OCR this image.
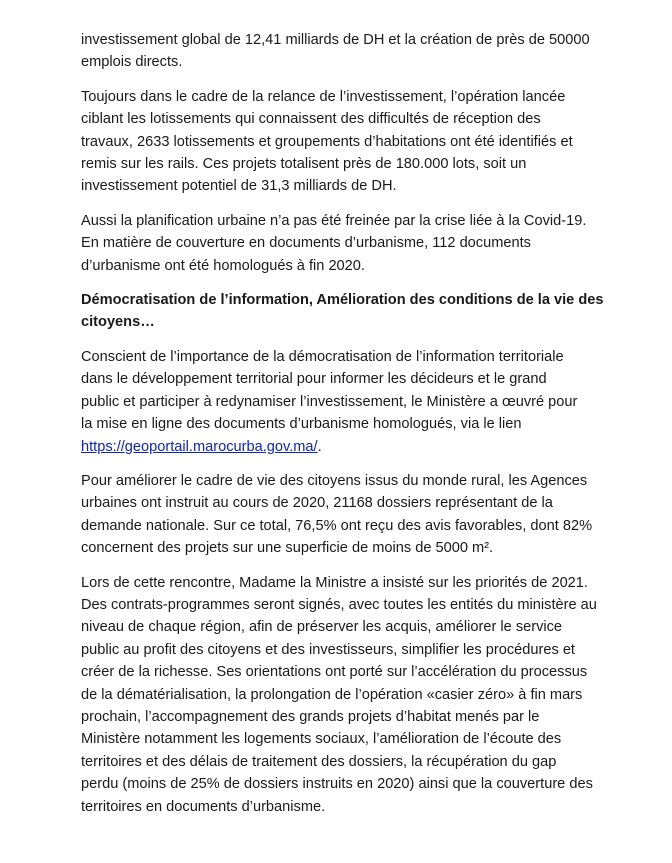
investissement global de 12,41 milliards de DH et la création de près de 50000
emplois directs.

Toujours dans le cadre de la relance de l’investissement, l’opération lancée
ciblant les lotissements qui connaissent des difficultés de réception des
travaux, 2633 lotissements et groupements d’habitations ont été identifiés et
remis sur les rails. Ces projets totalisent près de 180.000 lots, soit un
investissement potentiel de 31,3 milliards de DH.

Aussi la planification urbaine n’a pas été freinée par la crise liée à la Covid-19.
En matière de couverture en documents d’urbanisme, 112 documents
d’urbanisme ont été homologués à fin 2020.

Démocratisation de l’information, Amélioration des conditions de la vie des
citoyens…

Conscient de l’importance de la démocratisation de l’information territoriale
dans le développement territorial pour informer les décideurs et le grand
public et participer à redynamiser l’investissement, le Ministère a œuvré pour
la mise en ligne des documents d’urbanisme homologués, via le lien
https://geoportail.marocurba.gov.ma/.

Pour améliorer le cadre de vie des citoyens issus du monde rural, les Agences
urbaines ont instruit au cours de 2020, 21168 dossiers représentant de la
demande nationale. Sur ce total, 76,5% ont reçu des avis favorables, dont 82%
concernent des projets sur une superficie de moins de 5000 m².

Lors de cette rencontre, Madame la Ministre a insisté sur les priorités de 2021.
Des contrats-programmes seront signés, avec toutes les entités du ministère au
niveau de chaque région, afin de préserver les acquis, améliorer le service
public au profit des citoyens et des investisseurs, simplifier les procédures et
créer de la richesse. Ses orientations ont porté sur l’accélération du processus
de la dématérialisation, la prolongation de l’opération «casier zéro» à fin mars
prochain, l’accompagnement des grands projets d’habitat menés par le
Ministère notamment les logements sociaux, l’amélioration de l’écoute des
territoires et des délais de traitement des dossiers, la récupération du gap
perdu (moins de 25% de dossiers instruits en 2020) ainsi que la couverture des
territoires en documents d’urbanisme.
